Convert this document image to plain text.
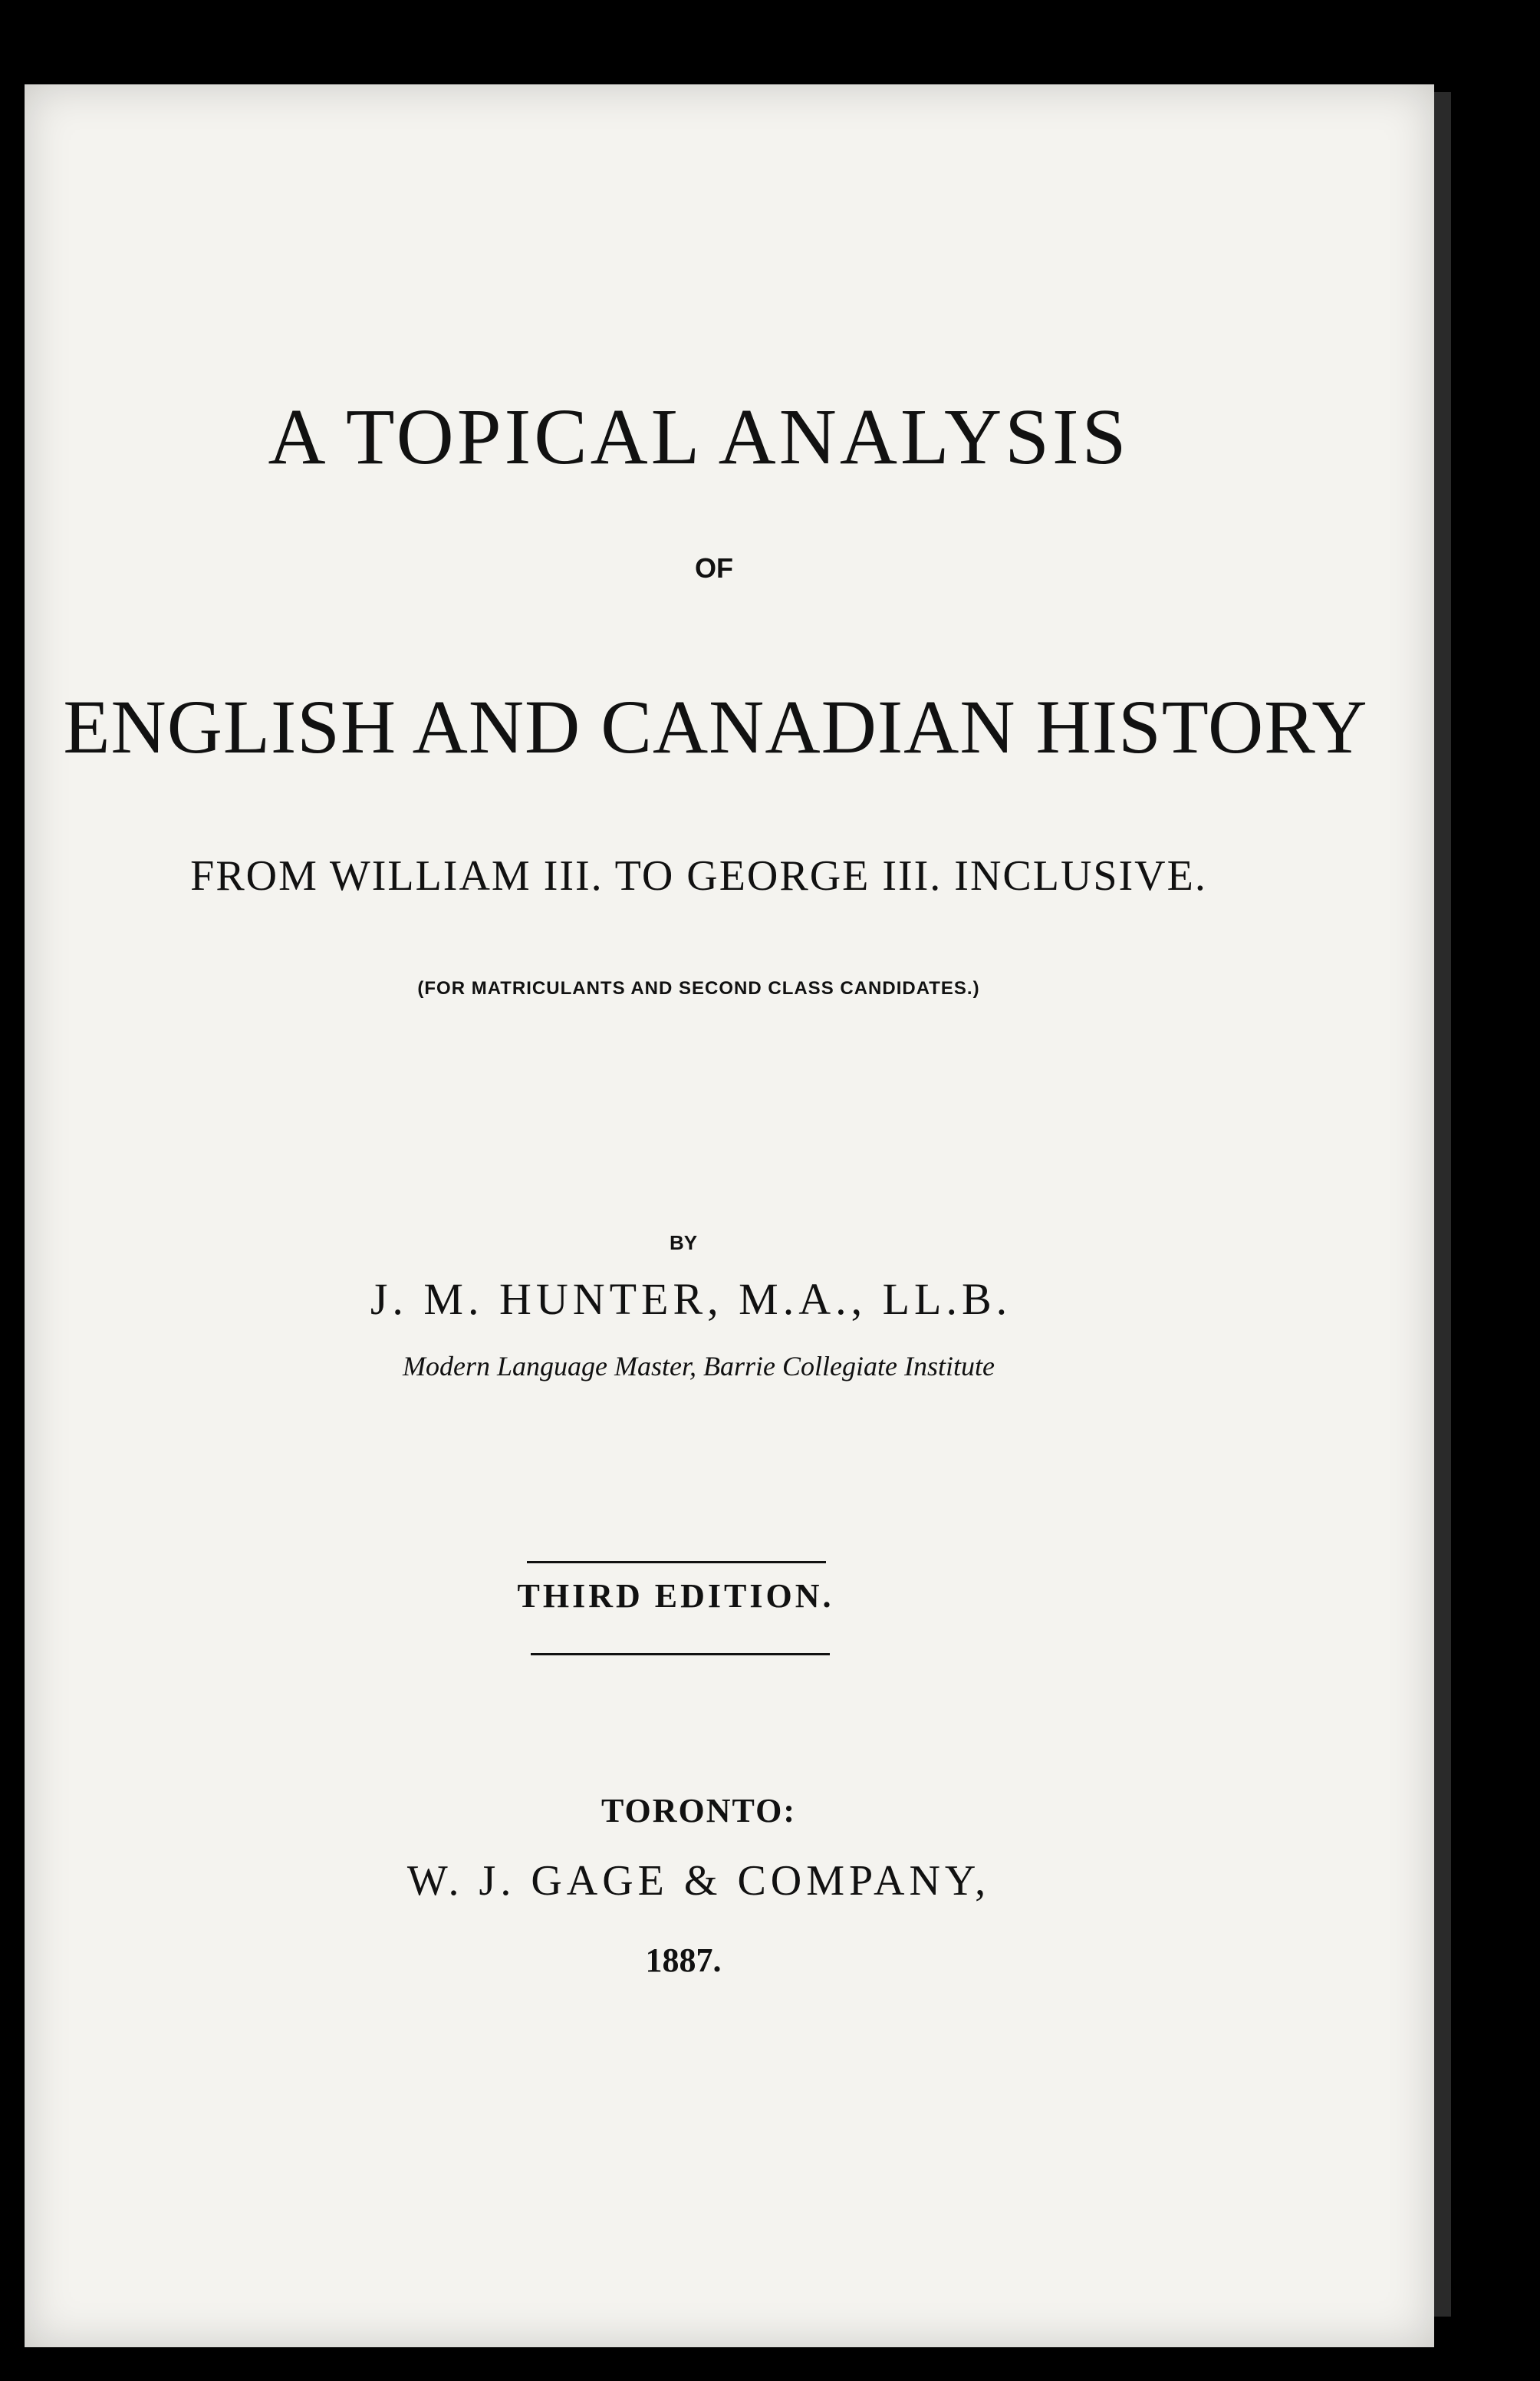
A TOPICAL ANALYSIS
OF
ENGLISH AND CANADIAN HISTORY
FROM WILLIAM III. TO GEORGE III. INCLUSIVE.
(FOR MATRICULANTS AND SECOND CLASS CANDIDATES.)
BY
J. M. HUNTER, M.A., LL.B.
Modern Language Master, Barrie Collegiate Institute
THIRD EDITION.
TORONTO:
W. J. GAGE & COMPANY,
1887.
